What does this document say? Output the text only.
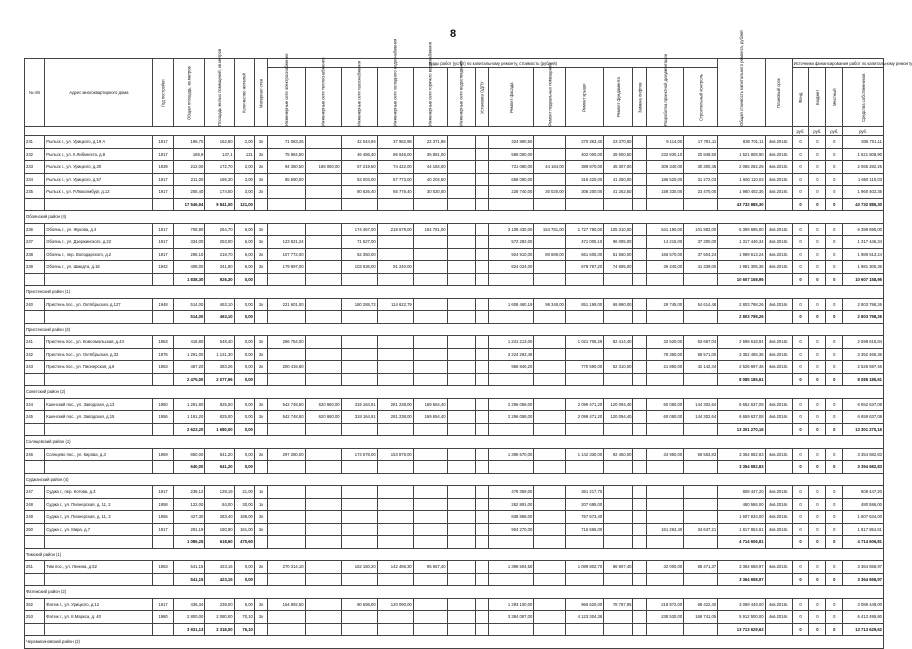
8
№ п/п	Адрес многоквартирного дома	Год постройки	Общая площадь, кв.метров	Площадь жилых помещений, кв.метров	Количество жителей	Материал стен	Виды работ (услуг) по капитальному ремонту, стоимость (рублей)														Общая стоимость капитального ремонта, рублей	Плановый срок	Источники финансирования работ по капитальному ремонту			
							Инженерные сети электроснабжения	Инженерные сети теплоснабжения	Инженерные сети газоснабжения	Инженерные сети холодного водоснабжения	Инженерные сети горячего водоснабжения	Инженерные сети водоотведения	Установка ОДПУ	Ремонт фасада	Ремонт подвальных помещений	Ремонт крыши	Ремонт фундамента	Замена лифтов	Разработка проектной документации	Строительный контроль			Фонд	Бюджет	Местный	Средства собственников
																							руб.	руб.	руб.	руб.
231	Рыльск г., ул. Урицкого, д.19 А	1917	196,70	162,80	2,00	2к	71 083,26		42 044,94	37 982,98	22 371,85			324 880,50		270 363,40	23 370,60		9 114,00	17 781,11	836 701,11	4кв.2016г.	0	0	0	836 701,11
232	Рыльск г., ул. К.Либкнехта, д.8	1917	168,9	147,1	121	2к	75 984,50		46 486,40	86 646,00	35 881,00			585 060,00		402 000,00	28 600,50		232 830,10	20 848,50	1 521 808,90	4кв.2016г.	0	0	0	1 521 808,90
233	Рыльск г., ул. Урицкого, д.30	1939	212,00	172,70	2,00	2к	94 350,50	186 080,00	57 219,50	74 422,00	44 184,00			721 080,00	44 184,00	389 870,00	45 307,00		309 340,00	30 300,45	2 065 282,25	4кв.2016г.	0	0	0	2 065 282,25
234	Рыльск г., ул. Урицкого, д.57	1917	211,00	186,30	3,00	2к	85 590,00		53 003,00	67 773,00	40 204,50			668 080,00		316 420,00	41 250,00		186 520,00	31 272,03	1 660 110,03	4кв.2016г.	0	0	0	1 660 110,03
235	Рыльск г., ул. Р.Люксембург, д.12	1917	205,40	174,50	3,00	2к			80 626,40	65 778,40	30 020,00			228 740,00	30 020,00	308 200,00	41 262,50		159 330,00	23 470,00	1 960 402,35	4кв.2016г.	0	0	0	1 960 402,35
			17 546,94	9 841,00	121,00																43 732 885,30		0	0	0	43 732 885,30
Обоянский район (4)																										
236	Обоянь г., ул. Жукова, д.4	1917	708,90	264,70	6,00	2к			174 467,00	218 679,00	154 781,00			3 108 430,00	154 781,00	1 727 780,00	105 310,00		541 190,00	101 982,00	6 399 695,00	4кв.2016г.	0	0	0	6 399 695,00
237	Обоянь г., ул. Дзержинского, д.22	1917	334,00	253,00	6,00	2к	123 621,24		71 627,00					572 282,00		471 005,10	96 095,00		14 215,00	37 300,00	1 317 446,34	4кв.2016г.	0	0	0	1 317 446,34
238	Обоянь г., пер. Володарского, д.2	1917	298,10	218,70	6,00	2к	107 772,00		62 350,00					924 910,00	80 689,00	661 605,00	51 560,00		166 570,00	37 504,24	1 989 613,24	4кв.2016г.	0	0	0	1 989 613,24
239	Обоянь г., ул. Шмидта, д.16	1942	408,00	341,90	6,00	2к	179 897,00		103 536,00	91 240,00				824 024,00		678 787,20	74 695,00		39 440,00	41 339,00	1 981 305,36	4кв.2016г.	0	0	0	1 981 305,36
			1 838,30	926,30	0,00																10 607 158,95		0	0	0	10 607 158,95
Пристенский район (1)																										
240	Пристень пос., ул. Октябрьская, д.127	1948	514,00	463,10	0,00	2к	221 601,00		180 288,72	114 622,79				1 608 460,19	98 348,00	851 169,00	69 890,00		29 745,00	54 614,48	2 803 798,26	4кв.2016г.	0	0	0	2 803 798,26
			514,00	463,10	0,00																2 803 798,26		0	0	0	2 803 798,26
Пристенский район (3)																										
241	Пристень пос., ул. Комсомольская, д.44	1963	416,80	548,40	0,00	2к	266 754,00							1 241 213,00		1 021 706,29	82 414,40		32 520,00	53 667,04	2 598 618,84	4кв.2016г.	0	0	0	2 598 618,84
242	Пристень пос., ул. Октябрьская, д.32	1976	1 291,00	1 121,30	0,00	2к								3 224 293,48					78 360,00	68 571,00	3 352 465,36	4кв.2016г.	0	0	0	3 352 465,36
243	Пристень пос., ул. Пионерская, д.6	1963	467,20	383,26	0,00	2к	200 415,60							958 840,20		770 590,00	52 310,00		21 850,00	42 142,44	2 526 697,46	4кв.2016г.	0	0	0	2 526 697,46
			2 475,00	2 077,96	0,00																8 085 185,61		0	0	0	8 085 185,61
Советский район (2)																										
244	Кшенский пос., ул. Заводская, д.13	1950	1 291,80	825,00	0,00	2к	542 748,50	620 860,00	319 164,91	281 238,00	169 654,40			2 296 058,00		2 099 471,20	120 094,40		60 080,00	144 302,64	6 652 637,08	4кв.2016г.	0	0	0	6 652 637,08
245	Кшенский пос., ул. Заводская, д.15	1956	1 191,20	825,00	0,00	2к	542 748,50	620 860,00	319 164,91	281 238,00	169 654,40			2 296 058,00		2 099 471,20	120 094,40		60 080,00	144 302,64	6 659 637,08	4кв.2016г.	0	0	0	6 659 637,08
			2 623,20	1 680,00	0,00																13 301 270,16		0	0	0	13 301 270,16
Солнцевский район (1)																										
246	Солнцево пос., ул. Кирова, д.3	1959	850,00	641,20	0,00	2к	297 280,00		174 578,00	153 878,00				1 396 670,00		1 142 330,00	92 450,00		34 950,00	59 563,83	3 354 682,83	4кв.2016г.	0	0	0	3 354 682,83
			640,00	641,20	0,00																3 354 682,83		0	0	0	3 354 682,83
Суджанский район (4)																										
247	Суджа г., пер. Котова, д.3	1917	236,12	128,19	21,00	1к								479 359,00		361 217,70					808 447,20	4кв.2016г.	0	0	0	808 447,20
248	Суджа г., ул. Пионерская, д. 11, 2	1958	122,00	84,00	30,00	1к								262 891,00		207 685,00					480 586,00	4кв.2016г.	0	0	0	480 586,00
249	Суджа г., ул. Пионерская, д. 11, 3	1955	427,30	283,40	189,00	2к								838 868,00		767 673,40					1 607 634,00	4кв.2016г.	0	0	0	1 607 634,00
250	Суджа г., ул. Мира, д.7	1917	291,19	180,90	161,00	2к								904 270,00		716 665,00			161 264,40	34 647,21	1 817 854,61	4кв.2016г.	0	0	0	1 817 854,61
			1 086,25	618,60	470,60																4 714 606,81		0	0	0	4 714 606,81
Тимский район (1)																										
251	Тим пос., ул. Ленина, д.52	1963	541,15	423,15	0,00	2к	270 314,10		162 150,20	142 466,30	95 657,40			1 396 504,50		1 089 802,70	86 907,40		32 000,00	68 471,37	3 364 658,97	4кв.2016г.	0	0	0	3 364 658,97
			541,15	423,15	0,00																3 364 658,97		0	0	0	3 364 658,97
Фатежский район (2)																										
252	Фатеж г., ул. Урицкого, д.12	1917	436,34	238,00	6,00	2к	154 892,50		90 598,00	120 090,00				1 293 100,00		966 620,00	78 787,95		218 872,00	68 422,40	3 089 449,00	4кв.2016г.	0	0	0	3 089 449,00
253	Фатеж г., ул. К.Маркса, д. 40	1960	2 800,00	2 080,00	70,10	2к								3 384 087,00		4 123 304,36			238 530,00	166 741,05	5 912 500,00	4кв.2016г.	0	0	0	6 412 495,80
			3 931,13	2 318,00	76,10																13 713 629,62		0	0	0	13 713 629,62
Черемисиновский район (2)																										
